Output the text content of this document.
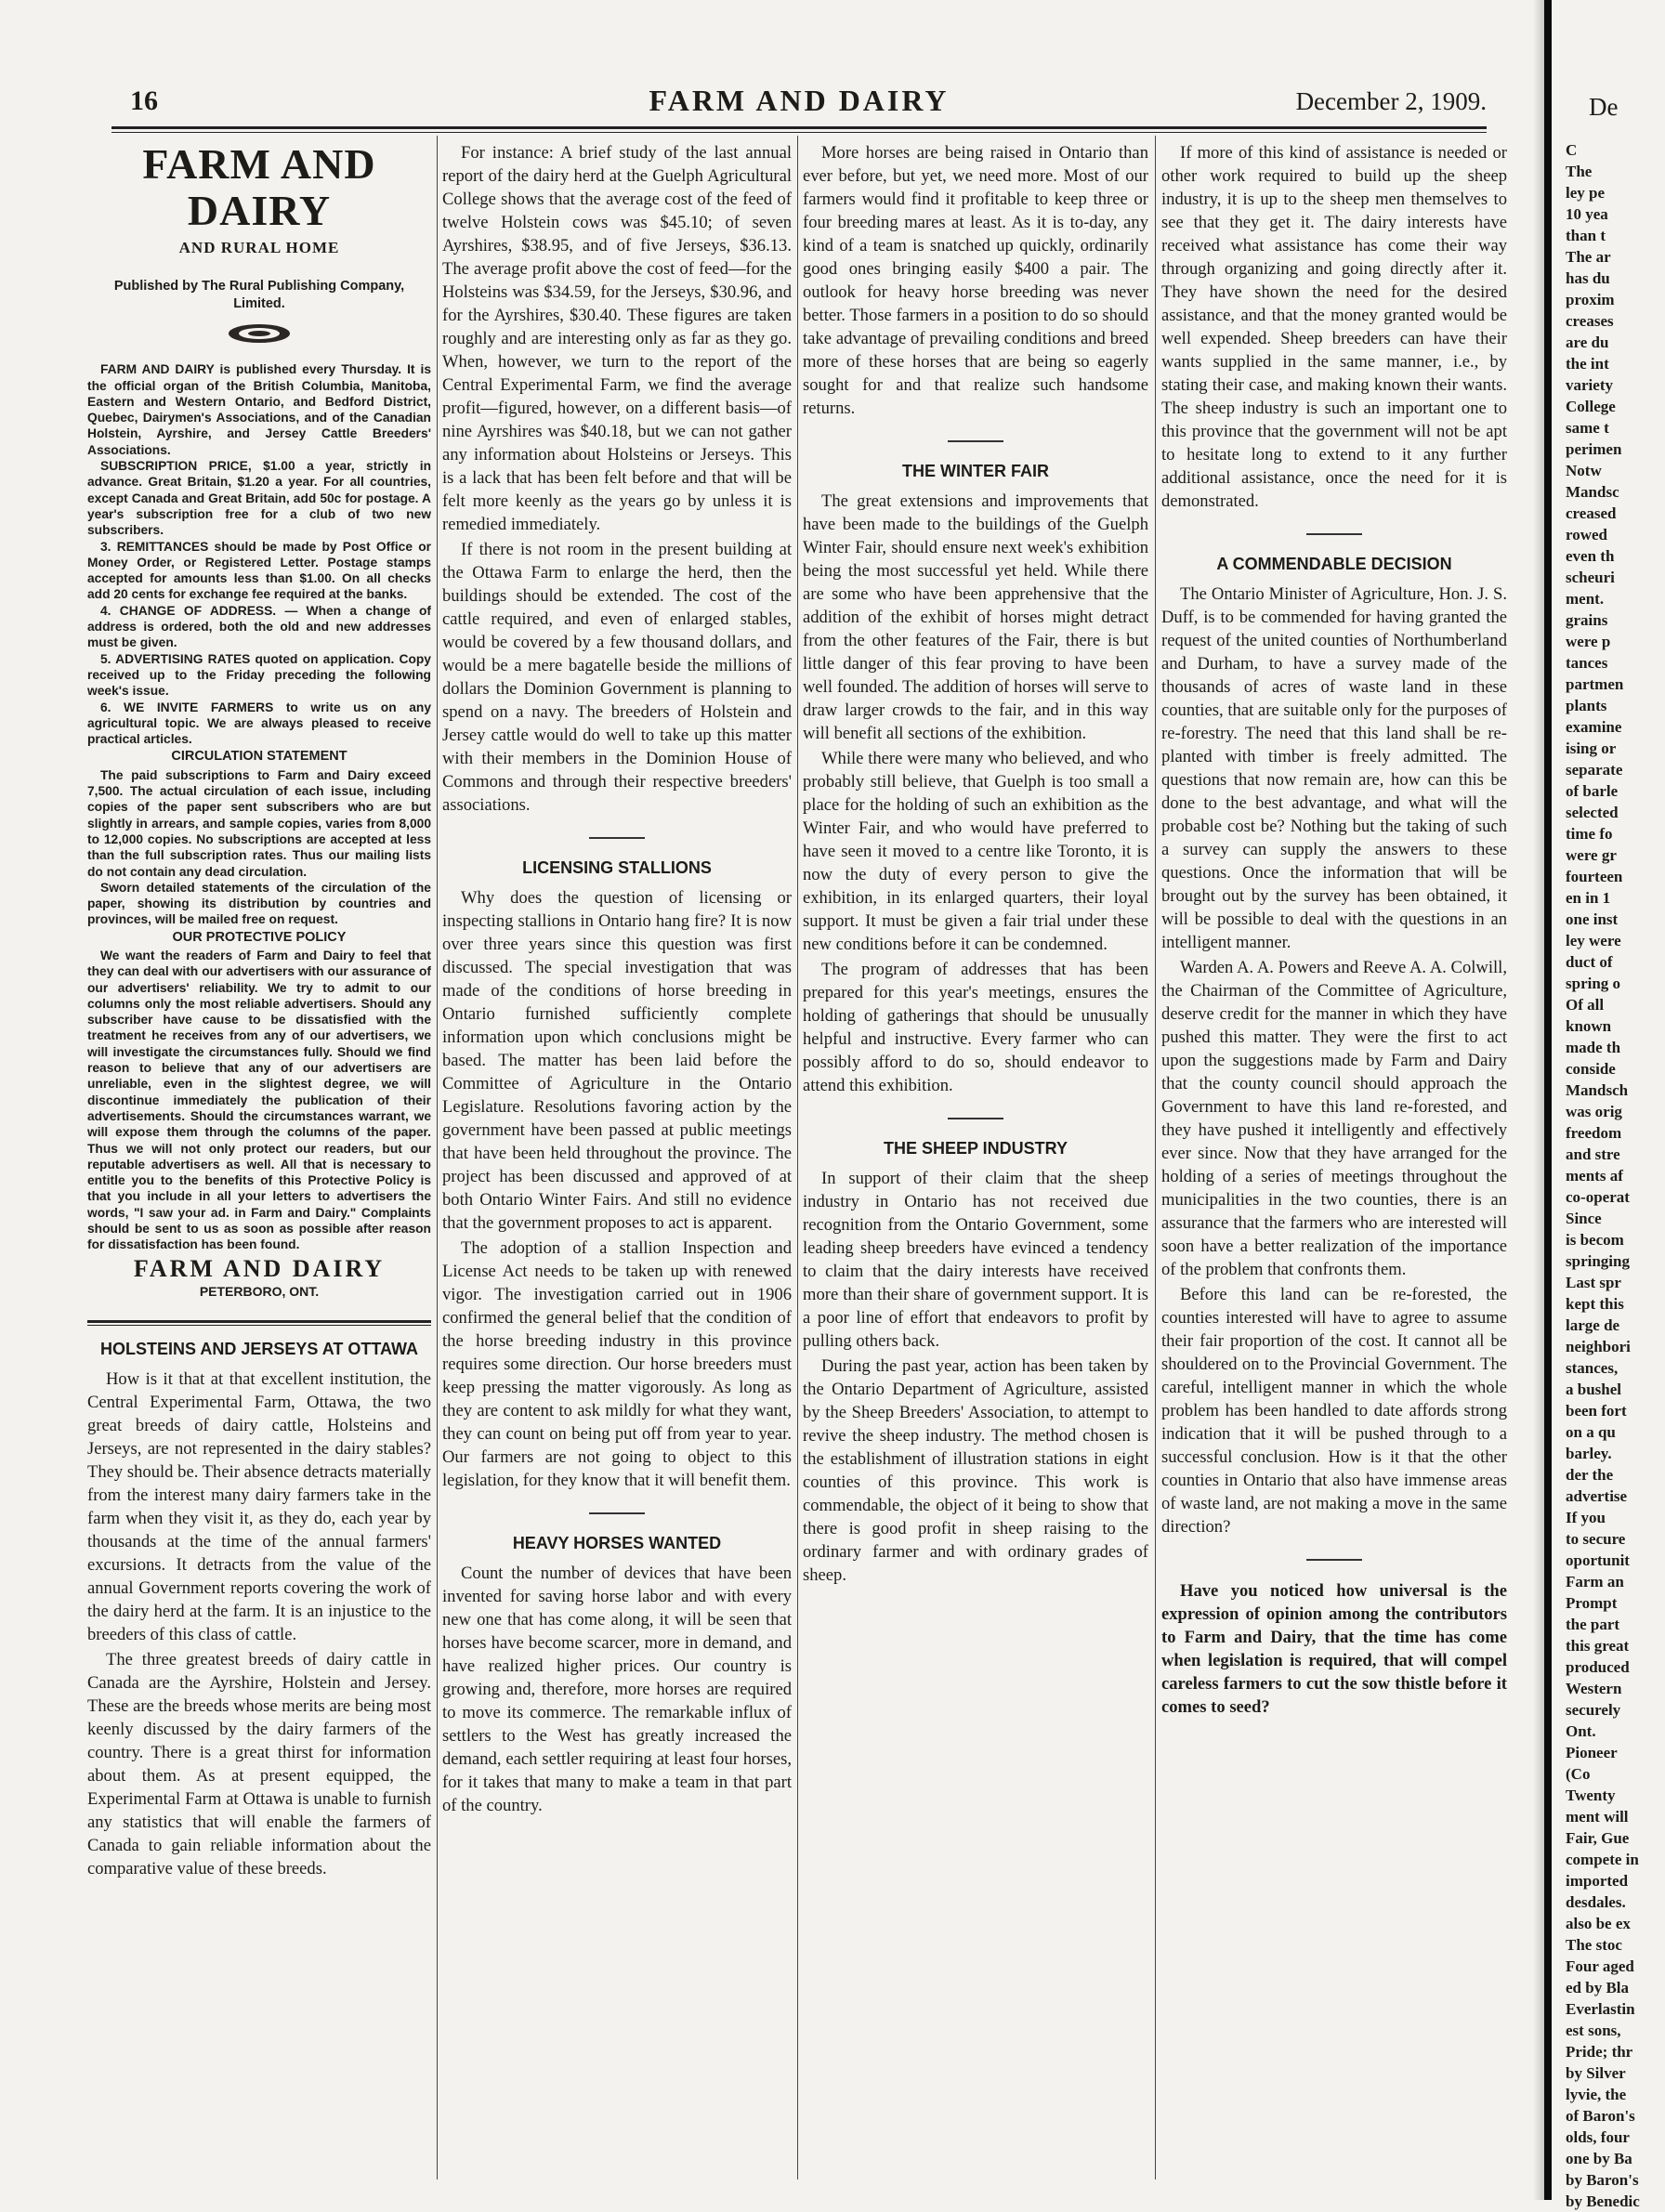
16	FARM AND DAIRY	December 2, 1909.
FARM AND DAIRY
AND RURAL HOME

Published by The Rural Publishing Company, Limited.

FARM AND DAIRY is published every Thursday. It is the official organ of the British Columbia, Manitoba, Eastern and Western Ontario, and Bedford District, Quebec, Dairymen's Associations, and of the Canadian Holstein, Ayrshire, and Jersey Cattle Breeders' Associations.

SUBSCRIPTION PRICE, $1.00 a year, strictly in advance. Great Britain, $1.20 a year. For all countries, except Canada and Great Britain, add 50c for postage. A year's subscription free for a club of two new subscribers.

3. REMITTANCES should be made by Post Office or Money Order, or Registered Letter. Postage stamps accepted for amounts less than $1.00. On all checks add 20 cents for exchange fee required at the banks.

4. CHANGE OF ADDRESS. — When a change of address is ordered, both the old and new addresses must be given.

5. ADVERTISING RATES quoted on application. Copy received up to the Friday preceding the following week's issue.

6. WE INVITE FARMERS to write us on any agricultural topic. We are always pleased to receive practical articles.

CIRCULATION STATEMENT

The paid subscriptions to Farm and Dairy exceed 7,500. The actual circulation of each issue, including copies of the paper sent subscribers who are but slightly in arrears, and sample copies, varies from 8,000 to 12,000 copies. No subscriptions are accepted at less than the full subscription rates. Thus our mailing lists do not contain any dead circulation.

Sworn detailed statements of the circulation of the paper, showing its distribution by countries and provinces, will be mailed free on request.

OUR PROTECTIVE POLICY

We want the readers of Farm and Dairy to feel that they can deal with our advertisers with our assurance of our advertisers' reliability. We try to admit to our columns only the most reliable advertisers. Should any subscriber have cause to be dissatisfied with the treatment he receives from any of our advertisers, we will investigate the circumstances fully. Should we find reason to believe that any of our advertisers are unreliable, even in the slightest degree, we will discontinue immediately the publication of their advertisements. Should the circumstances warrant, we will expose them through the columns of the paper. Thus we will not only protect our readers, but our reputable advertisers as well. All that is necessary to entitle you to the benefits of this Protective Policy is that you include in all your letters to advertisers the words, "I saw your ad. in Farm and Dairy." Complaints should be sent to us as soon as possible after reason for dissatisfaction has been found.

FARM AND DAIRY
PETERBORO, ONT.
HOLSTEINS AND JERSEYS AT OTTAWA

How is it that at that excellent institution, the Central Experimental Farm, Ottawa, the two great breeds of dairy cattle, Holsteins and Jerseys, are not represented in the dairy stables? They should be. Their absence detracts materially from the interest many dairy farmers take in the farm when they visit it, as they do, each year by thousands at the time of the annual farmers' excursions. It detracts from the value of the annual Government reports covering the work of the dairy herd at the farm. It is an injustice to the breeders of this class of cattle.

The three greatest breeds of dairy cattle in Canada are the Ayrshire, Holstein and Jersey. These are the breeds whose merits are being most keenly discussed by the dairy farmers of the country. There is a great thirst for information about them. As at present equipped, the Experimental Farm at Ottawa is unable to furnish any statistics that will enable the farmers of Canada to gain reliable information about the comparative value of these breeds.

For instance: A brief study of the last annual report of the dairy herd at the Guelph Agricultural College shows that the average cost of the feed of twelve Holstein cows was $45.10; of seven Ayrshires, $38.95, and of five Jerseys, $36.13. The average profit above the cost of feed—for the Holsteins was $34.59, for the Jerseys, $30.96, and for the Ayrshires, $30.40. These figures are taken roughly and are interesting only as far as they go. When, however, we turn to the report of the Central Experimental Farm, we find the average profit—figured, however, on a different basis—of nine Ayrshires was $40.18, but we can not gather any information about Holsteins or Jerseys. This is a lack that has been felt before and that will be felt more keenly as the years go by unless it is remedied immediately.

If there is not room in the present building at the Ottawa Farm to enlarge the herd, then the buildings should be extended. The cost of the cattle required, and even of enlarged stables, would be covered by a few thousand dollars, and would be a mere bagatelle beside the millions of dollars the Dominion Government is planning to spend on a navy. The breeders of Holstein and Jersey cattle would do well to take up this matter with their members in the Dominion House of Commons and through their respective breeders' associations.

LICENSING STALLIONS

Why does the question of licensing or inspecting stallions in Ontario hang fire? It is now over three years since this question was first discussed. The special investigation that was made of the conditions of horse breeding in Ontario furnished sufficiently complete information upon which conclusions might be based. The matter has been laid before the Committee of Agriculture in the Ontario Legislature. Resolutions favoring action by the government have been passed at public meetings that have been held throughout the province. The project has been discussed and approved of at both Ontario Winter Fairs. And still no evidence that the government proposes to act is apparent.

The adoption of a stallion Inspection and License Act needs to be taken up with renewed vigor. The investigation carried out in 1906 confirmed the general belief that the condition of the horse breeding industry in this province requires some direction. Our horse breeders must keep pressing the matter vigorously. As long as they are content to ask mildly for what they want, they can count on being put off from year to year. Our farmers are not going to object to this legislation, for they know that it will benefit them.

HEAVY HORSES WANTED

Count the number of devices that have been invented for saving horse labor and with every new one that has come along, it will be seen that horses have become scarcer, more in demand, and have realized higher prices. Our country is growing and, therefore, more horses are required to move its commerce. The remarkable influx of settlers to the West has greatly increased the demand, each settler requiring at least four horses, for it takes that many to make a team in that part of the country.

More horses are being raised in Ontario than ever before, but yet, we need more. Most of our farmers would find it profitable to keep three or four breeding mares at least. As it is to-day, any kind of a team is snatched up quickly, ordinarily good ones bringing easily $400 a pair. The outlook for heavy horse breeding was never better. Those farmers in a position to do so should take advantage of prevailing conditions and breed more of these horses that are being so eagerly sought for and that realize such handsome returns.

THE WINTER FAIR

The great extensions and improvements that have been made to the buildings of the Guelph Winter Fair, should ensure next week's exhibition being the most successful yet held. While there are some who have been apprehensive that the addition of the exhibit of horses might detract from the other features of the Fair, there is but little danger of this fear proving to have been well founded. The addition of horses will serve to draw larger crowds to the fair, and in this way will benefit all sections of the exhibition.

While there were many who believed, and who probably still believe, that Guelph is too small a place for the holding of such an exhibition as the Winter Fair, and who would have preferred to have seen it moved to a centre like Toronto, it is now the duty of every person to give the exhibition, in its enlarged quarters, their loyal support. It must be given a fair trial under these new conditions before it can be condemned.

The program of addresses that has been prepared for this year's meetings, ensures the holding of gatherings that should be unusually helpful and instructive. Every farmer who can possibly afford to do so, should endeavor to attend this exhibition.

THE SHEEP INDUSTRY

In support of their claim that the sheep industry in Ontario has not received due recognition from the Ontario Government, some leading sheep breeders have evinced a tendency to claim that the dairy interests have received more than their share of government support. It is a poor line of effort that endeavors to profit by pulling others back.

During the past year, action has been taken by the Ontario Department of Agriculture, assisted by the Sheep Breeders' Association, to attempt to revive the sheep industry. The method chosen is the establishment of illustration stations in eight counties of this province. This work is commendable, the object of it being to show that there is good profit in sheep raising to the ordinary farmer and with ordinary grades of sheep.

If more of this kind of assistance is needed or other work required to build up the sheep industry, it is up to the sheep men themselves to see that they get it. The dairy interests have received what assistance has come their way through organizing and going directly after it. They have shown the need for the desired assistance, and that the money granted would be well expended. Sheep breeders can have their wants supplied in the same manner, i.e., by stating their case, and making known their wants. The sheep industry is such an important one to this province that the government will not be apt to hesitate long to extend to it any further additional assistance, once the need for it is demonstrated.

A COMMENDABLE DECISION

The Ontario Minister of Agriculture, Hon. J. S. Duff, is to be commended for having granted the request of the united counties of Northumberland and Durham, to have a survey made of the thousands of acres of waste land in these counties, that are suitable only for the purposes of re-forestry. The need that this land shall be re-planted with timber is freely admitted. The questions that now remain are, how can this be done to the best advantage, and what will the probable cost be? Nothing but the taking of such a survey can supply the answers to these questions. Once the information that will be brought out by the survey has been obtained, it will be possible to deal with the questions in an intelligent manner.

Warden A. A. Powers and Reeve A. A. Colwill, the Chairman of the Committee of Agriculture, deserve credit for the manner in which they have pushed this matter. They were the first to act upon the suggestions made by Farm and Dairy that the county council should approach the Government to have this land re-forested, and they have pushed it intelligently and effectively ever since. Now that they have arranged for the holding of a series of meetings throughout the municipalities in the two counties, there is an assurance that the farmers who are interested will soon have a better realization of the importance of the problem that confronts them.

Before this land can be re-forested, the counties interested will have to agree to assume their fair proportion of the cost. It cannot all be shouldered on to the Provincial Government. The careful, intelligent manner in which the whole problem has been handled to date affords strong indication that it will be pushed through to a successful conclusion. How is it that the other counties in Ontario that also have immense areas of waste land, are not making a move in the same direction?

Have you noticed how universal is the expression of opinion among the contributors to Farm and Dairy, that the time has come when legislation is required, that will compel careless farmers to cut the sow thistle before it comes to seed?

De
C
The
ley pe
10 yea
than t
The ar
has du
proxim
creases
are du
the int
variety
College
same t
perimen
Notw
Mandsc
creased
rowed
even th
scheuri
ment.
grains
were p
tances
partmen
plants
examine
ising or
separate
of barle
selected
time fo
were gr
fourteen
en in 1
one inst
ley were
duct of
spring o
Of all
known
made th
conside
Mandsch
was orig
freedom
and stre
ments af
co-operat
Since
is becom
springing
Last spr
kept this
large de
neighbori
stances,
a bushel
been fort
on a qu
barley.
der the
advertise
If you
to secure
oportunit
Farm an
Prompt
the part
this great
produced
Western
securely
Ont.
Pioneer
(Co
Twenty
ment will
Fair, Gue
compete in
imported
desdales.
also be ex
The stoc
Four aged
ed by Bla
Everlastin
est sons,
Pride; thr
by Silver
lyvie, the
of Baron's
olds, four
one by Ba
by Baron's
by Benedic
